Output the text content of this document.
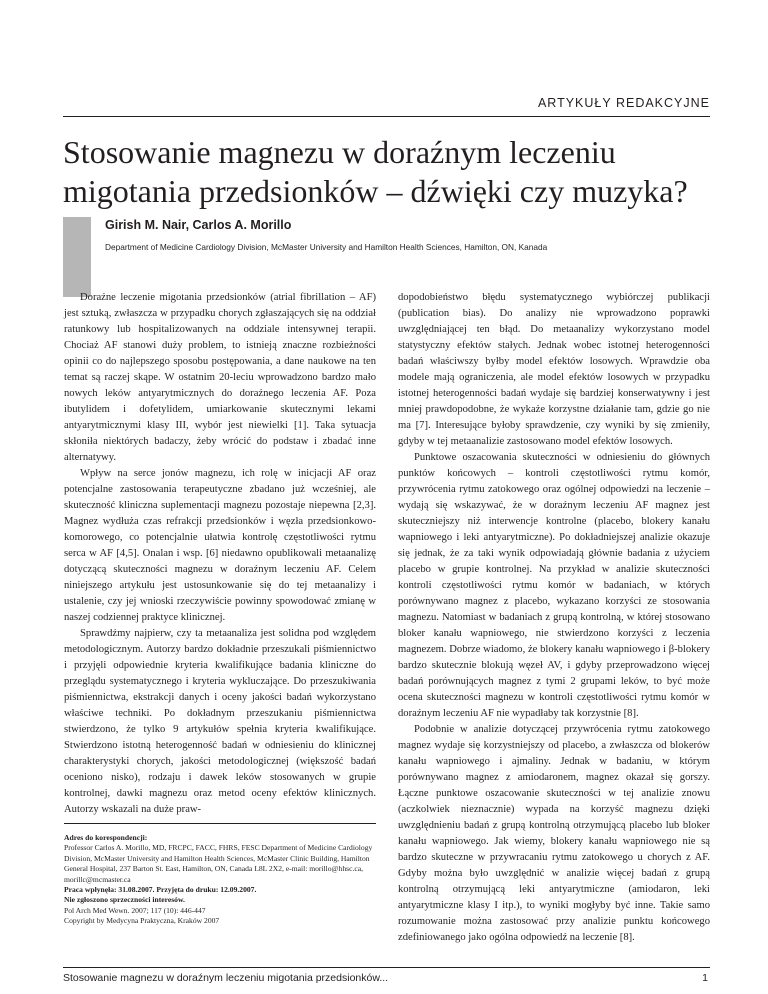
ARTYKUŁY REDAKCYJNE
Stosowanie magnezu w doraźnym leczeniu
migotania przedsionków – dźwięki czy muzyka?
Girish M. Nair, Carlos A. Morillo
Department of Medicine Cardiology Division, McMaster University and Hamilton Health Sciences, Hamilton, ON, Kanada

Doraźne leczenie migotania przedsionków (atrial fibrillation – AF) jest sztuką, zwłaszcza w przypadku chorych zgłaszających się na oddział ratunkowy lub hospitalizowanych na oddziale intensywnej terapii. Chociaż AF stanowi duży problem, to istnieją znaczne rozbieżności opinii co do najlepszego sposobu postępowania, a dane naukowe na ten temat są raczej skąpe. W ostatnim 20-leciu wprowadzono bardzo mało nowych leków antyarytmicznych do doraźnego leczenia AF. Poza ibutylidem i dofetylidem, umiarkowanie skutecznymi lekami antyarytmicznymi klasy III, wybór jest niewielki [1]. Taka sytuacja skłoniła niektórych badaczy, żeby wrócić do podstaw i zbadać inne alternatywy.

Wpływ na serce jonów magnezu, ich rolę w inicjacji AF oraz potencjalne zastosowania terapeutyczne zbadano już wcześniej, ale skuteczność kliniczna suplementacji magnezu pozostaje niepewna [2,3]. Magnez wydłuża czas refrakcji przedsionków i węzła przedsionkowo-komorowego, co potencjalnie ułatwia kontrolę częstotliwości rytmu serca w AF [4,5]. Onalan i wsp. [6] niedawno opublikowali metaanalizę dotyczącą skuteczności magnezu w doraźnym leczeniu AF. Celem niniejszego artykułu jest ustosunkowanie się do tej metaanalizy i ustalenie, czy jej wnioski rzeczywiście powinny spowodować zmianę w naszej codziennej praktyce klinicznej.

Sprawdźmy najpierw, czy ta metaanaliza jest solidna pod względem metodologicznym. Autorzy bardzo dokładnie przeszukali piśmiennictwo i przyjęli odpowiednie kryteria kwalifikujące badania kliniczne do przeglądu systematycznego i kryteria wykluczające. Do przeszukiwania piśmiennictwa, ekstrakcji danych i oceny jakości badań wykorzystano właściwe techniki. Po dokładnym przeszukaniu piśmiennictwa stwierdzono, że tylko 9 artykułów spełnia kryteria kwalifikujące. Stwierdzono istotną heterogenność badań w odniesieniu do klinicznej charakterystyki chorych, jakości metodologicznej (większość badań oceniono nisko), rodzaju i dawek leków stosowanych w grupie kontrolnej, dawki magnezu oraz metod oceny efektów klinicznych. Autorzy wskazali na duże praw-

dopodobieństwo błędu systematycznego wybiórczej publikacji (publication bias). Do analizy nie wprowadzono poprawki uwzględniającej ten błąd. Do metaanalizy wykorzystano model statystyczny efektów stałych. Jednak wobec istotnej heterogenności badań właściwszy byłby model efektów losowych. Wprawdzie oba modele mają ograniczenia, ale model efektów losowych w przypadku istotnej heterogenności badań wydaje się bardziej konserwatywny i jest mniej prawdopodobne, że wykaże korzystne działanie tam, gdzie go nie ma [7]. Interesujące byłoby sprawdzenie, czy wyniki by się zmieniły, gdyby w tej metaanalizie zastosowano model efektów losowych.

Punktowe oszacowania skuteczności w odniesieniu do głównych punktów końcowych – kontroli częstotliwości rytmu komór, przywrócenia rytmu zatokowego oraz ogólnej odpowiedzi na leczenie – wydają się wskazywać, że w doraźnym leczeniu AF magnez jest skuteczniejszy niż interwencje kontrolne (placebo, blokery kanału wapniowego i leki antyarytmiczne). Po dokładniejszej analizie okazuje się jednak, że za taki wynik odpowiadają głównie badania z użyciem placebo w grupie kontrolnej. Na przykład w analizie skuteczności kontroli częstotliwości rytmu komór w badaniach, w których porównywano magnez z placebo, wykazano korzyści ze stosowania magnezu. Natomiast w badaniach z grupą kontrolną, w której stosowano bloker kanału wapniowego, nie stwierdzono korzyści z leczenia magnezem. Dobrze wiadomo, że blokery kanału wapniowego i β-blokery bardzo skutecznie blokują węzeł AV, i gdyby przeprowadzono więcej badań porównujących magnez z tymi 2 grupami leków, to być może ocena skuteczności magnezu w kontroli częstotliwości rytmu komór w doraźnym leczeniu AF nie wypadłaby tak korzystnie [8].

Podobnie w analizie dotyczącej przywrócenia rytmu zatokowego magnez wydaje się korzystniejszy od placebo, a zwłaszcza od blokerów kanału wapniowego i ajmaliny. Jednak w badaniu, w którym porównywano magnez z amiodaronem, magnez okazał się gorszy. Łączne punktowe oszacowanie skuteczności w tej analizie znowu (aczkolwiek nieznacznie) wypada na korzyść magnezu dzięki uwzględnieniu badań z grupą kontrolną otrzymującą placebo lub bloker kanału wapniowego. Jak wiemy, blokery kanału wapniowego nie są bardzo skuteczne w przywracaniu rytmu zatokowego u chorych z AF. Gdyby można było uwzględnić w analizie więcej badań z grupą kontrolną otrzymującą leki antyarytmiczne (amiodaron, leki antyarytmiczne klasy I itp.), to wyniki mogłyby być inne. Takie samo rozumowanie można zastosować przy analizie punktu końcowego zdefiniowanego jako ogólna odpowiedź na leczenie [8].

Adres do korespondencji:
Professor Carlos A. Morillo, MD, FRCPC, FACC, FHRS, FESC Department of Medicine Cardiology Division, McMaster University and Hamilton Health Sciences, McMaster Clinic Building, Hamilton General Hospital, 237 Barton St. East, Hamilton, ON, Canada L8L 2X2, e-mail: morillo@hhsc.ca, morillc@mcmaster.ca
Praca wpłynęła: 31.08.2007. Przyjęta do druku: 12.09.2007.
Nie zgłoszono sprzeczności interesów.
Pol Arch Med Wewn. 2007; 117 (10): 446-447
Copyright by Medycyna Praktyczna, Kraków 2007
Stosowanie magnezu w doraźnym leczeniu migotania przedsionków...	1
